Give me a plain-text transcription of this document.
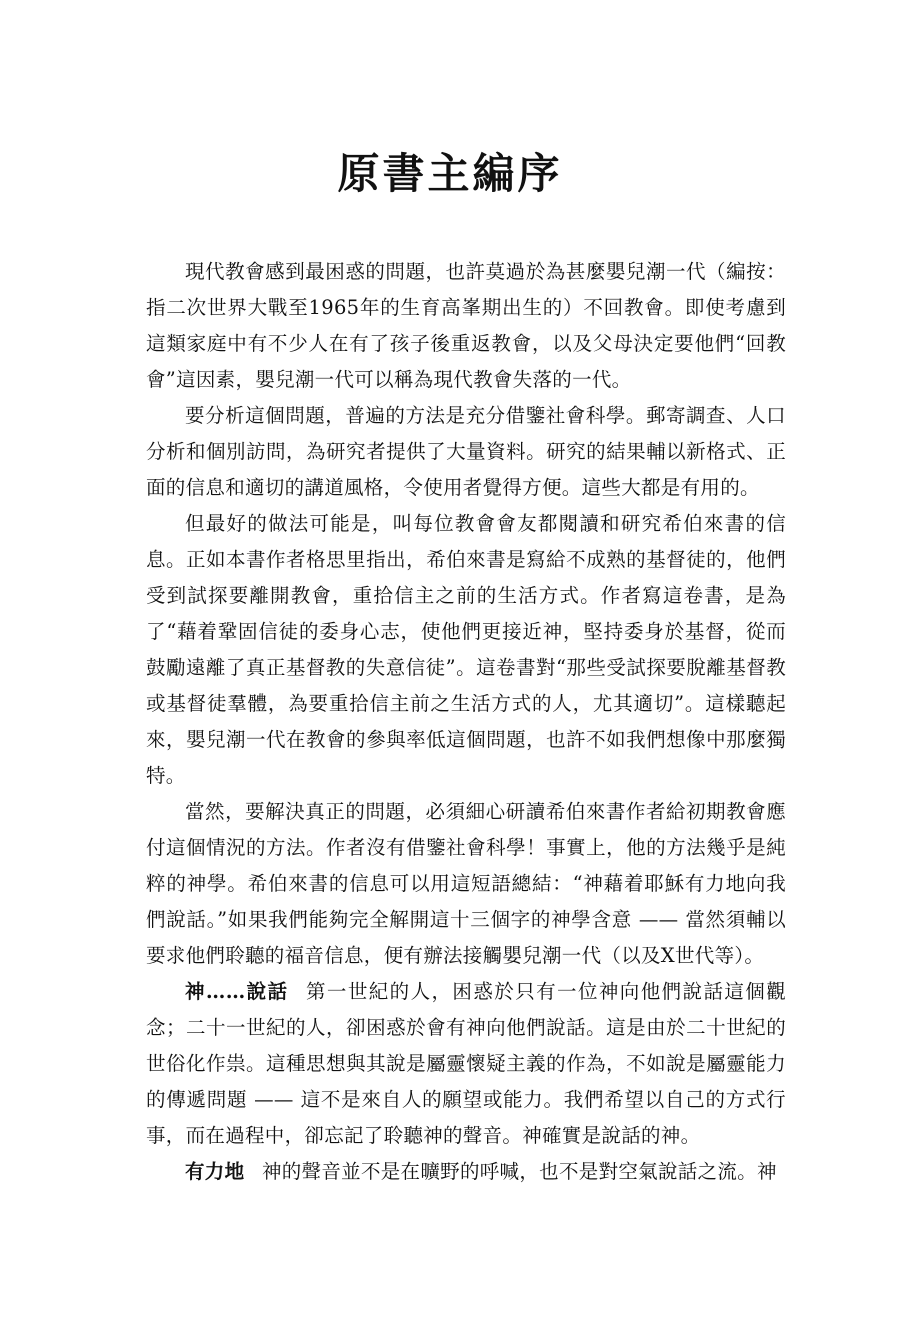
原書主編序

現代教會感到最困惑的問題，也許莫過於為甚麼嬰兒潮一代（編按：指二次世界大戰至1965年的生育高峯期出生的）不回教會。即使考慮到這類家庭中有不少人在有了孩子後重返教會，以及父母決定要他們“回教會”這因素，嬰兒潮一代可以稱為現代教會失落的一代。

要分析這個問題，普遍的方法是充分借鑒社會科學。郵寄調查、人口分析和個別訪問，為研究者提供了大量資料。研究的結果輔以新格式、正面的信息和適切的講道風格，令使用者覺得方便。這些大都是有用的。

但最好的做法可能是，叫每位教會會友都閱讀和研究希伯來書的信息。正如本書作者格思里指出，希伯來書是寫給不成熟的基督徒的，他們受到試探要離開教會，重拾信主之前的生活方式。作者寫這卷書，是為了“藉着鞏固信徒的委身心志，使他們更接近神，堅持委身於基督，從而鼓勵遠離了真正基督教的失意信徒”。這卷書對“那些受試探要脫離基督教或基督徒羣體，為要重拾信主前之生活方式的人，尤其適切”。這樣聽起來，嬰兒潮一代在教會的參與率低這個問題，也許不如我們想像中那麼獨特。

當然，要解決真正的問題，必須細心研讀希伯來書作者給初期教會應付這個情況的方法。作者沒有借鑒社會科學！事實上，他的方法幾乎是純粹的神學。希伯來書的信息可以用這短語總結：“神藉着耶穌有力地向我們說話。”如果我們能夠完全解開這十三個字的神學含意 —— 當然須輔以要求他們聆聽的福音信息，便有辦法接觸嬰兒潮一代（以及X世代等）。

神……說話 第一世紀的人，困惑於只有一位神向他們說話這個觀念；二十一世紀的人，卻困惑於會有神向他們說話。這是由於二十世紀的世俗化作祟。這種思想與其說是屬靈懷疑主義的作為，不如說是屬靈能力的傳遞問題 —— 這不是來自人的願望或能力。我們希望以自己的方式行事，而在過程中，卻忘記了聆聽神的聲音。神確實是說話的神。

有力地 神的聲音並不是在曠野的呼喊，也不是對空氣說話之流。神
